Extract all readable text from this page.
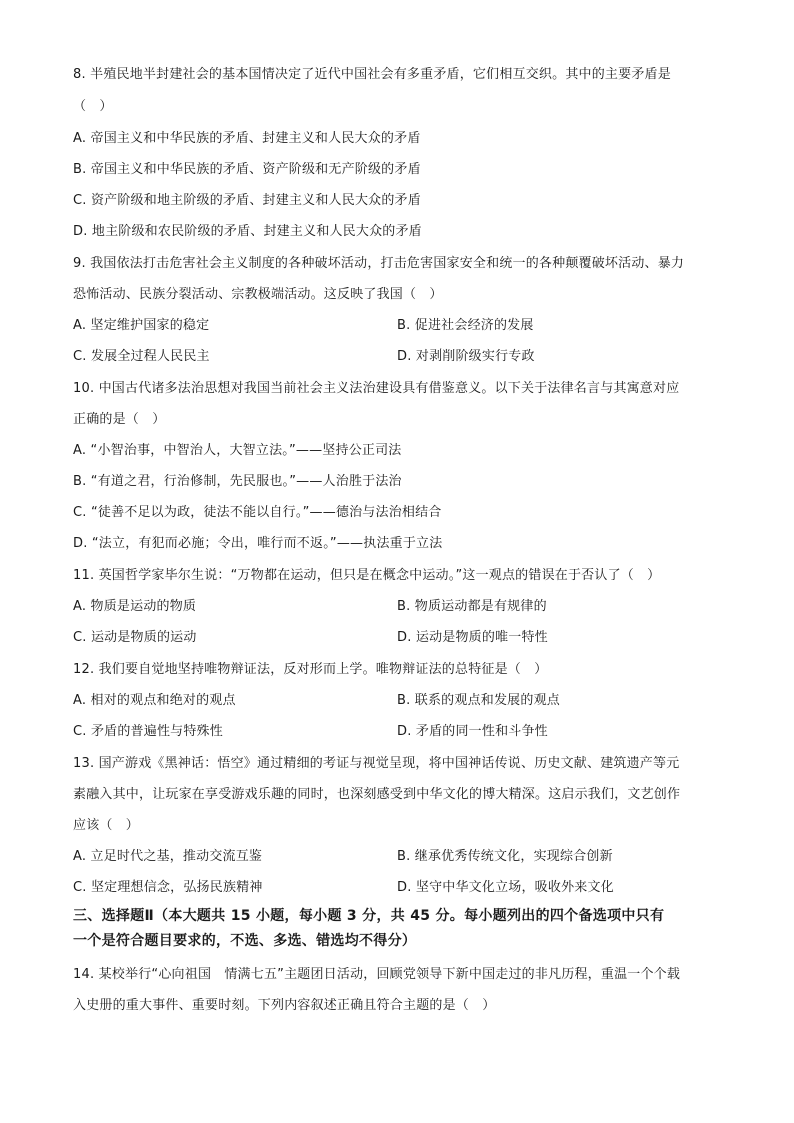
8. 半殖民地半封建社会的基本国情决定了近代中国社会有多重矛盾，它们相互交织。其中的主要矛盾是
（　）
A. 帝国主义和中华民族的矛盾、封建主义和人民大众的矛盾
B. 帝国主义和中华民族的矛盾、资产阶级和无产阶级的矛盾
C. 资产阶级和地主阶级的矛盾、封建主义和人民大众的矛盾
D. 地主阶级和农民阶级的矛盾、封建主义和人民大众的矛盾
9. 我国依法打击危害社会主义制度的各种破坏活动，打击危害国家安全和统一的各种颠覆破坏活动、暴力
恐怖活动、民族分裂活动、宗教极端活动。这反映了我国（　）
A. 坚定维护国家的稳定	B. 促进社会经济的发展
C. 发展全过程人民民主	D. 对剥削阶级实行专政
10. 中国古代诸多法治思想对我国当前社会主义法治建设具有借鉴意义。以下关于法律名言与其寓意对应
正确的是（　）
A. “小智治事，中智治人，大智立法。”——坚持公正司法
B. “有道之君，行治修制，先民服也。”——人治胜于法治
C. “徒善不足以为政，徒法不能以自行。”——德治与法治相结合
D. “法立，有犯而必施；令出，唯行而不返。”——执法重于立法
11. 英国哲学家毕尔生说：“万物都在运动，但只是在概念中运动。”这一观点的错误在于否认了（　）
A. 物质是运动的物质	B. 物质运动都是有规律的
C. 运动是物质的运动	D. 运动是物质的唯一特性
12. 我们要自觉地坚持唯物辩证法，反对形而上学。唯物辩证法的总特征是（　）
A. 相对的观点和绝对的观点	B. 联系的观点和发展的观点
C. 矛盾的普遍性与特殊性	D. 矛盾的同一性和斗争性
13. 国产游戏《黑神话：悟空》通过精细的考证与视觉呈现，将中国神话传说、历史文献、建筑遗产等元
素融入其中，让玩家在享受游戏乐趣的同时，也深刻感受到中华文化的博大精深。这启示我们，文艺创作
应该（　）
A. 立足时代之基，推动交流互鉴	B. 继承优秀传统文化，实现综合创新
C. 坚定理想信念，弘扬民族精神	D. 坚守中华文化立场，吸收外来文化
三、选择题Ⅱ（本大题共 15 小题，每小题 3 分，共 45 分。每小题列出的四个备选项中只有
一个是符合题目要求的，不选、多选、错选均不得分）
14. 某校举行“心向祖国　情满七五”主题团日活动，回顾党领导下新中国走过的非凡历程，重温一个个载
入史册的重大事件、重要时刻。下列内容叙述正确且符合主题的是（　）
